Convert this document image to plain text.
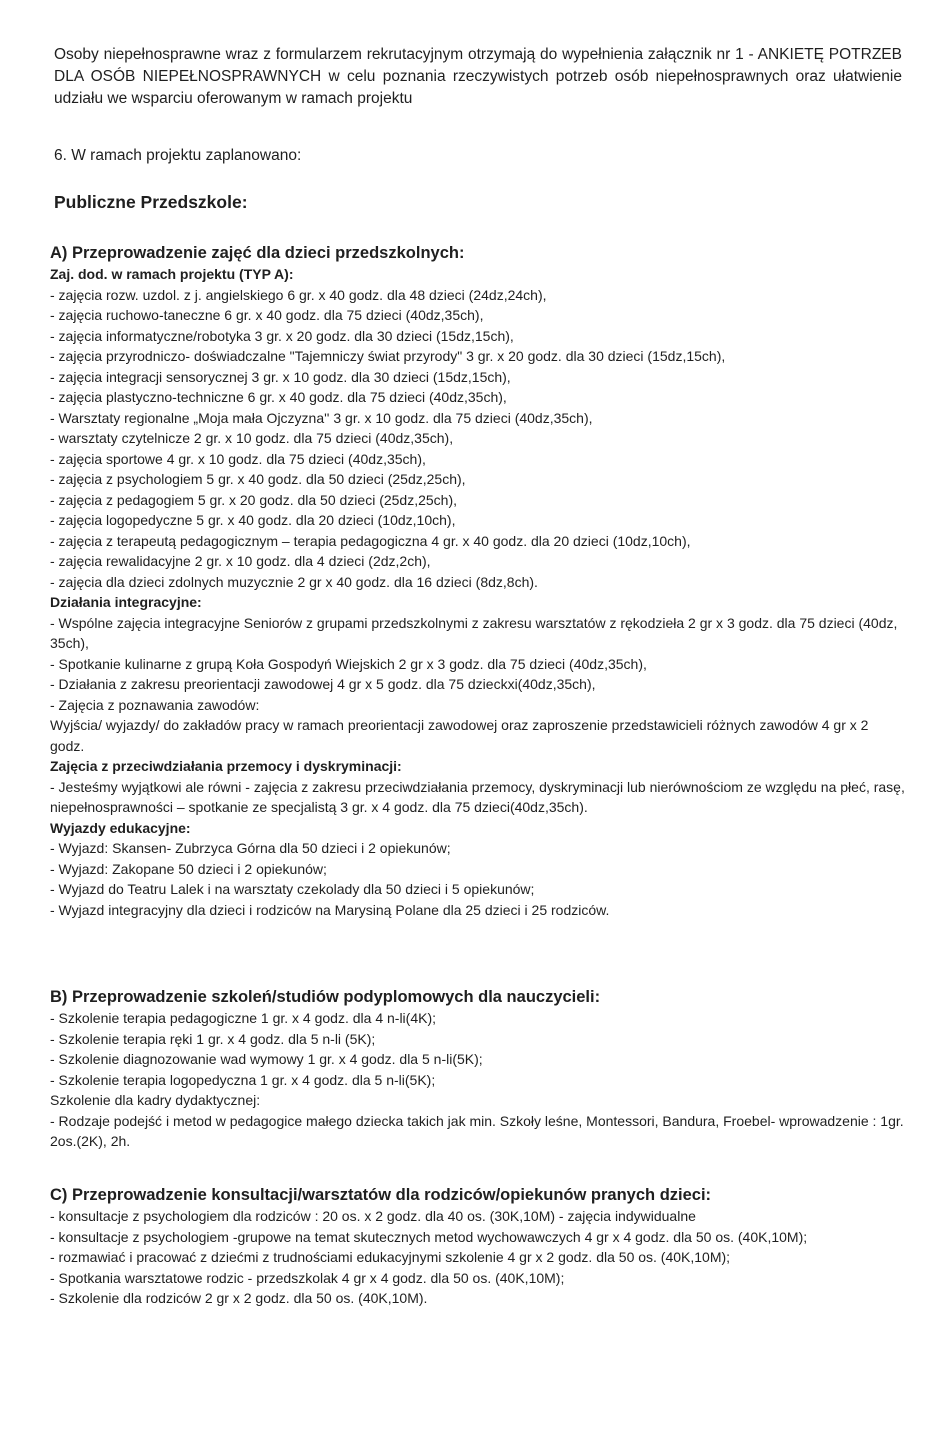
Osoby niepełnosprawne wraz z formularzem rekrutacyjnym otrzymają do wypełnienia załącznik nr 1 - ANKIETĘ POTRZEB DLA OSÓB NIEPEŁNOSPRAWNYCH w celu poznania rzeczywistych potrzeb osób niepełnosprawnych oraz ułatwienie udziału we wsparciu oferowanym w ramach projektu

6. W ramach projektu zaplanowano:

Publiczne Przedszkole:
A) Przeprowadzenie zajęć dla dzieci przedszkolnych:
Zaj. dod. w ramach projektu (TYP A):

- zajęcia rozw. uzdol. z j. angielskiego 6 gr. x 40 godz. dla 48 dzieci (24dz,24ch),

- zajęcia ruchowo-taneczne 6 gr. x 40 godz. dla 75 dzieci (40dz,35ch),

- zajęcia informatyczne/robotyka 3 gr. x 20 godz. dla 30 dzieci (15dz,15ch),

- zajęcia przyrodniczo- doświadczalne "Tajemniczy świat przyrody" 3 gr. x 20 godz. dla 30 dzieci (15dz,15ch),

- zajęcia integracji sensorycznej 3 gr. x 10 godz. dla 30 dzieci (15dz,15ch),

- zajęcia plastyczno-techniczne 6 gr. x 40 godz. dla 75 dzieci (40dz,35ch),

- Warsztaty regionalne „Moja mała Ojczyzna'' 3 gr. x 10 godz. dla 75 dzieci (40dz,35ch),

- warsztaty czytelnicze 2 gr. x 10 godz. dla 75 dzieci (40dz,35ch),

- zajęcia sportowe 4 gr. x 10 godz. dla 75 dzieci (40dz,35ch),

- zajęcia z psychologiem 5 gr. x 40 godz. dla 50 dzieci (25dz,25ch),

- zajęcia z pedagogiem 5 gr. x 20 godz. dla 50 dzieci (25dz,25ch),

- zajęcia logopedyczne 5 gr. x 40 godz. dla 20 dzieci (10dz,10ch),

- zajęcia z terapeutą pedagogicznym – terapia pedagogiczna 4 gr. x 40 godz. dla 20 dzieci (10dz,10ch),

- zajęcia rewalidacyjne 2 gr. x 10 godz. dla 4 dzieci (2dz,2ch),

- zajęcia dla dzieci zdolnych muzycznie 2 gr x 40 godz. dla 16 dzieci (8dz,8ch).

Działania integracyjne:

- Wspólne zajęcia integracyjne Seniorów z grupami przedszkolnymi z zakresu warsztatów z rękodzieła 2 gr x 3 godz. dla 75 dzieci (40dz, 35ch),

- Spotkanie kulinarne z grupą Koła Gospodyń Wiejskich 2 gr x 3 godz. dla 75 dzieci (40dz,35ch),

- Działania z zakresu preorientacji zawodowej 4 gr x 5 godz. dla 75 dzieckxi(40dz,35ch),

- Zajęcia z poznawania zawodów:

Wyjścia/ wyjazdy/ do zakładów pracy w ramach preorientacji zawodowej oraz zaproszenie przedstawicieli różnych zawodów 4 gr x 2 godz.

Zajęcia z przeciwdziałania przemocy i dyskryminacji:

- Jesteśmy wyjątkowi ale równi - zajęcia z zakresu przeciwdziałania przemocy, dyskryminacji lub nierównościom ze względu na płeć, rasę, niepełnosprawności – spotkanie ze specjalistą 3 gr. x 4 godz. dla 75 dzieci(40dz,35ch).

Wyjazdy edukacyjne:

- Wyjazd: Skansen- Zubrzyca Górna dla 50 dzieci i 2 opiekunów;

- Wyjazd: Zakopane 50 dzieci i 2 opiekunów;

- Wyjazd do Teatru Lalek i na warsztaty czekolady dla 50 dzieci i 5 opiekunów;

- Wyjazd integracyjny dla dzieci i rodziców na Marysiną Polane dla 25 dzieci i 25 rodziców.

B) Przeprowadzenie szkoleń/studiów podyplomowych dla nauczycieli:

- Szkolenie terapia pedagogiczne 1 gr. x 4 godz. dla 4 n-li(4K);

- Szkolenie terapia ręki 1 gr. x 4 godz. dla 5 n-li (5K);

- Szkolenie diagnozowanie wad wymowy 1 gr. x 4 godz. dla 5 n-li(5K);

- Szkolenie terapia logopedyczna 1 gr. x 4 godz. dla 5 n-li(5K);

Szkolenie dla kadry dydaktycznej:

- Rodzaje podejść i metod w pedagogice małego dziecka takich jak min. Szkoły leśne, Montessori, Bandura, Froebel- wprowadzenie : 1gr. 2os.(2K), 2h.

C) Przeprowadzenie konsultacji/warsztatów dla rodziców/opiekunów pranych dzieci:

- konsultacje z psychologiem dla rodziców : 20 os. x 2 godz. dla 40 os. (30K,10M) - zajęcia indywidualne

- konsultacje z psychologiem -grupowe na temat skutecznych metod wychowawczych 4 gr x 4 godz. dla 50 os. (40K,10M);

- rozmawiać i pracować z dziećmi z trudnościami edukacyjnymi szkolenie 4 gr x 2 godz. dla 50 os. (40K,10M);

- Spotkania warsztatowe rodzic - przedszkolak 4 gr x 4 godz. dla 50 os. (40K,10M);

- Szkolenie dla rodziców 2 gr x 2 godz. dla 50 os. (40K,10M).
